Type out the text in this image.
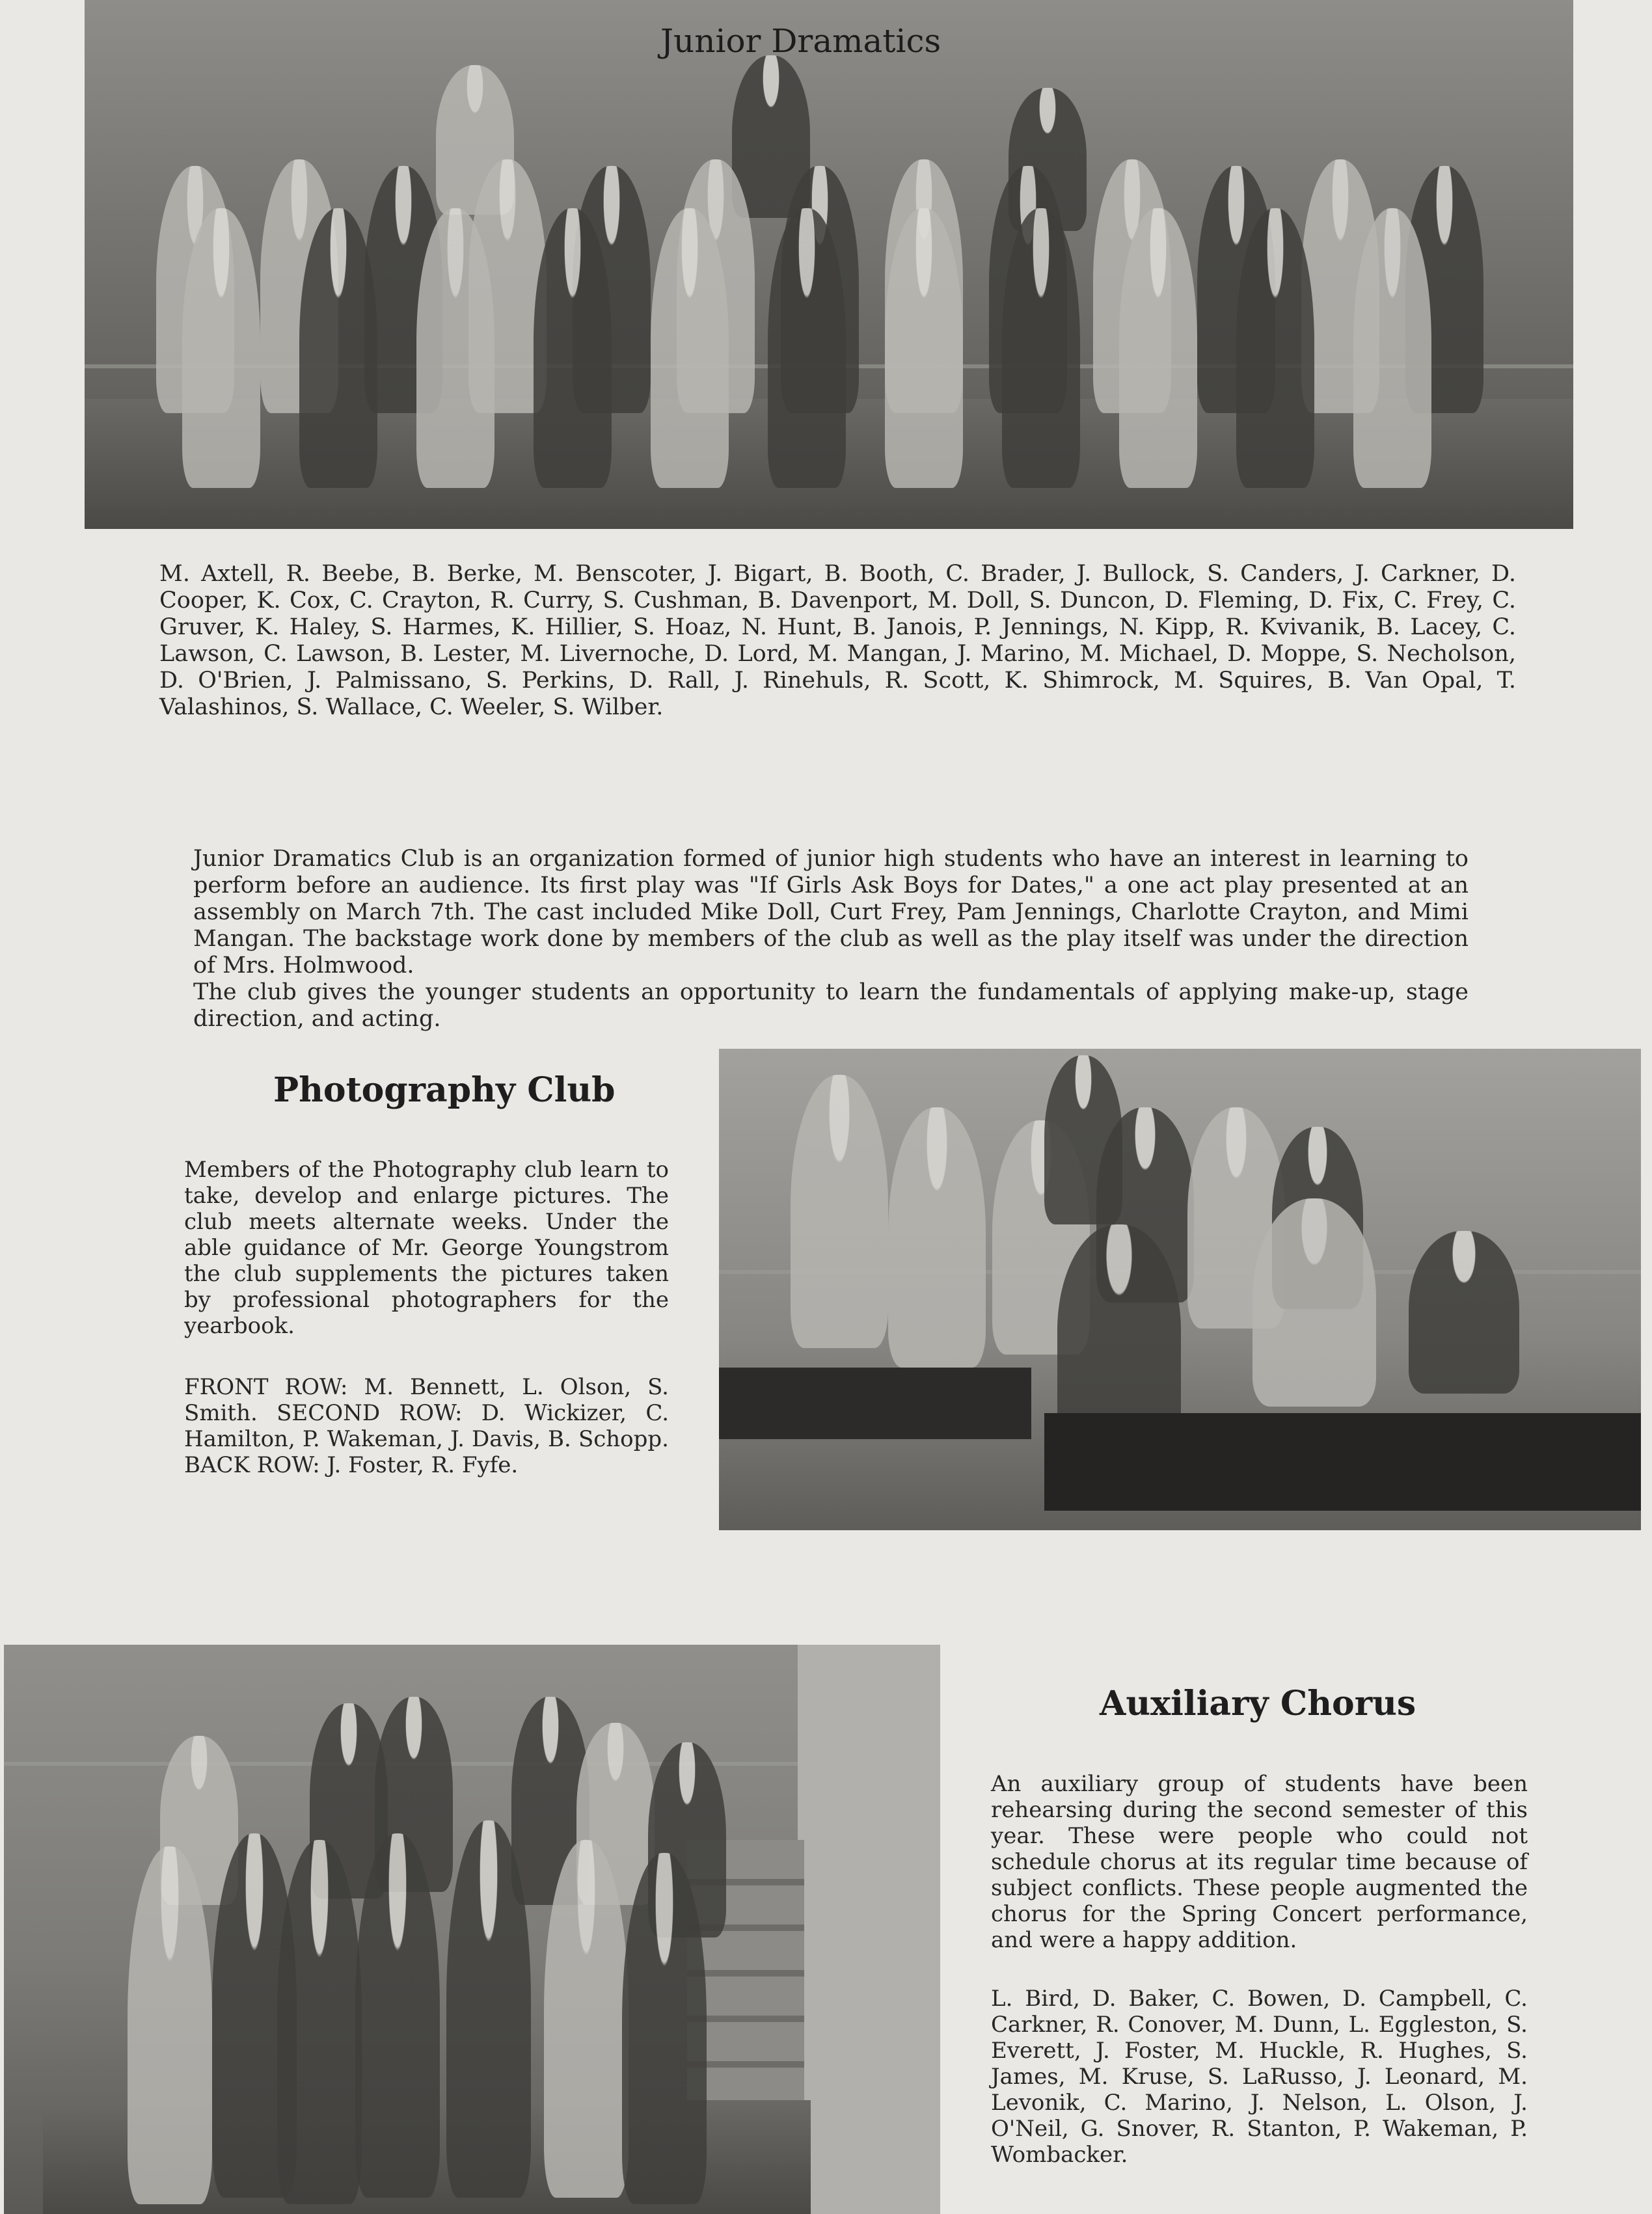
Junior Dramatics
M. Axtell, R. Beebe, B. Berke, M. Benscoter, J. Bigart, B. Booth, C. Brader, J. Bullock, S. Canders, J. Carkner, D. Cooper, K. Cox, C. Crayton, R. Curry, S. Cushman, B. Davenport, M. Doll, S. Duncon, D. Fleming, D. Fix, C. Frey, C. Gruver, K. Haley, S. Harmes, K. Hillier, S. Hoaz, N. Hunt, B. Janois, P. Jennings, N. Kipp, R. Kvivanik, B. Lacey, C. Lawson, C. Lawson, B. Lester, M. Livernoche, D. Lord, M. Mangan, J. Marino, M. Michael, D. Moppe, S. Necholson, D. O'Brien, J. Palmissano, S. Perkins, D. Rall, J. Rinehuls, R. Scott, K. Shimrock, M. Squires, B. Van Opal, T. Valashinos, S. Wallace, C. Weeler, S. Wilber.

Junior Dramatics Club is an organization formed of junior high students who have an interest in learning to perform before an audience. Its first play was "If Girls Ask Boys for Dates," a one act play presented at an assembly on March 7th. The cast included Mike Doll, Curt Frey, Pam Jennings, Charlotte Crayton, and Mimi Mangan. The backstage work done by members of the club as well as the play itself was under the direction of Mrs. Holmwood.

The club gives the younger students an opportunity to learn the fundamentals of applying make-up, stage direction, and acting.

Photography Club
Members of the Photography club learn to take, develop and enlarge pictures. The club meets alternate weeks. Under the able guidance of Mr. George Youngstrom the club supplements the pictures taken by professional photographers for the yearbook.
FRONT ROW: M. Bennett, L. Olson, S. Smith. SECOND ROW: D. Wickizer, C. Hamilton, P. Wakeman, J. Davis, B. Schopp. BACK ROW: J. Foster, R. Fyfe.
Auxiliary Chorus
An auxiliary group of students have been rehearsing during the second semester of this year. These were people who could not schedule chorus at its regular time because of subject conflicts. These people augmented the chorus for the Spring Concert performance, and were a happy addition.
L. Bird, D. Baker, C. Bowen, D. Campbell, C. Carkner, R. Conover, M. Dunn, L. Eggleston, S. Everett, J. Foster, M. Huckle, R. Hughes, S. James, M. Kruse, S. LaRusso, J. Leonard, M. Levonik, C. Marino, J. Nelson, L. Olson, J. O'Neil, G. Snover, R. Stanton, P. Wakeman, P. Wombacker.
